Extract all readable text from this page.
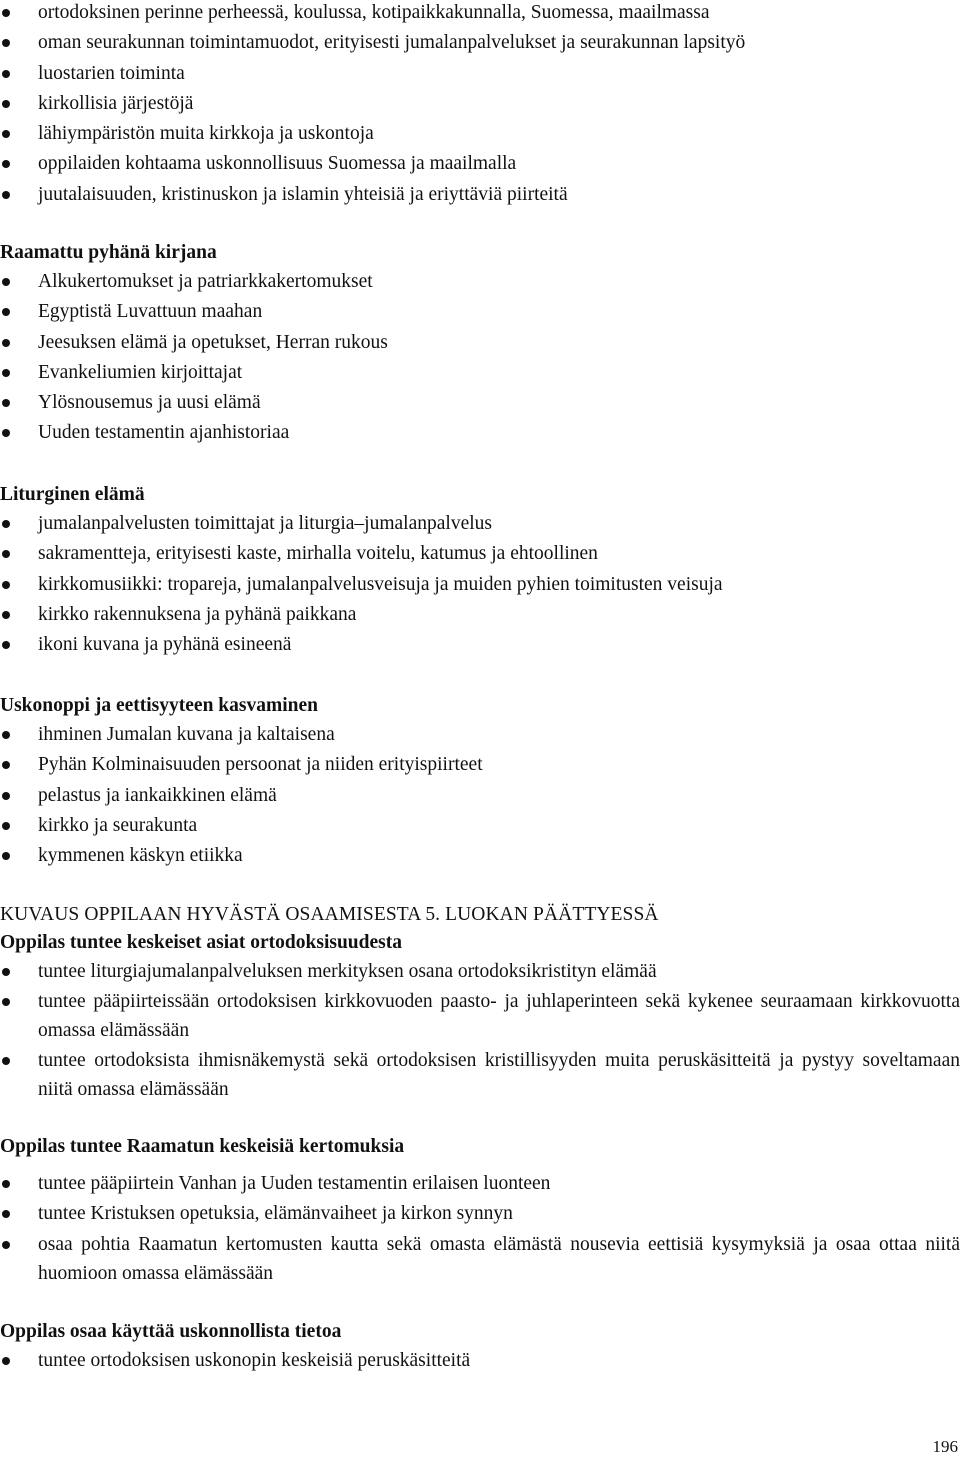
ortodoksinen perinne perheessä, koulussa, kotipaikkakunnalla, Suomessa, maailmassa
oman seurakunnan toimintamuodot, erityisesti jumalanpalvelukset ja seurakunnan lapsityö
luostarien toiminta
kirkollisia järjestöjä
lähiympäristön muita kirkkoja ja uskontoja
oppilaiden kohtaama uskonnollisuus Suomessa ja maailmalla
juutalaisuuden, kristinuskon ja islamin yhteisiä ja eriyttäviä piirteitä
Raamattu pyhänä kirjana
Alkukertomukset ja patriarkkakertomukset
Egyptistä Luvattuun maahan
Jeesuksen elämä ja opetukset, Herran rukous
Evankeliumien kirjoittajat
Ylösnousemus ja uusi elämä
Uuden testamentin ajanhistoriaa
Liturginen elämä
jumalanpalvelusten toimittajat ja liturgia–jumalanpalvelus
sakramentteja, erityisesti kaste, mirhalla voitelu, katumus ja ehtoollinen
kirkkomusiikki: tropareja, jumalanpalvelusveisuja ja muiden pyhien toimitusten veisuja
kirkko rakennuksena ja pyhänä paikkana
ikoni kuvana ja pyhänä esineenä
Uskonoppi ja eettisyyteen kasvaminen
ihminen Jumalan kuvana ja kaltaisena
Pyhän Kolminaisuuden persoonat ja niiden erityispiirteet
pelastus ja iankaikkinen elämä
kirkko ja seurakunta
kymmenen käskyn etiikka
KUVAUS OPPILAAN HYVÄSTÄ OSAAMISESTA 5. LUOKAN PÄÄTTYESSÄ
Oppilas tuntee keskeiset asiat ortodoksisuudesta
tuntee liturgiajumalanpalveluksen merkityksen osana ortodoksikristityn elämää
tuntee pääpiirteissään ortodoksisen kirkkovuoden paasto- ja juhlaperinteen sekä kykenee seuraamaan kirkkovuotta omassa elämässään
tuntee ortodoksista ihmisnäkemystä sekä ortodoksisen kristillisyyden muita peruskäsitteitä ja pystyy soveltamaan niitä omassa elämässään
Oppilas tuntee Raamatun keskeisiä kertomuksia
tuntee pääpiirtein Vanhan ja Uuden testamentin erilaisen luonteen
tuntee Kristuksen opetuksia, elämänvaiheet ja kirkon synnyn
osaa pohtia Raamatun kertomusten kautta sekä omasta elämästä nousevia eettisiä kysymyksiä ja osaa ottaa niitä huomioon omassa elämässään
Oppilas osaa käyttää uskonnollista tietoa
tuntee ortodoksisen uskonopin keskeisiä peruskäsitteitä
196
